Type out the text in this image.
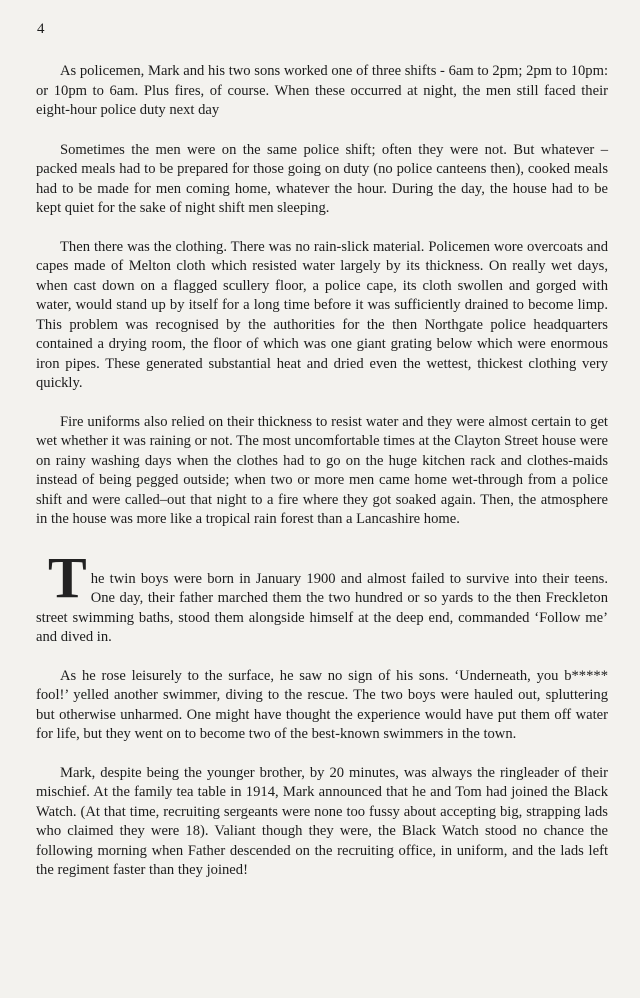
4

As policemen, Mark and his two sons worked one of three shifts - 6am to 2pm; 2pm to 10pm: or 10pm to 6am. Plus fires, of course. When these occurred at night, the men still faced their eight-hour police duty next day

Sometimes the men were on the same police shift; often they were not. But whatever – packed meals had to be prepared for those going on duty (no police canteens then), cooked meals had to be made for men coming home, whatever the hour. During the day, the house had to be kept quiet for the sake of night shift men sleeping.

Then there was the clothing. There was no rain-slick material. Policemen wore overcoats and capes made of Melton cloth which resisted water largely by its thickness. On really wet days, when cast down on a flagged scullery floor, a police cape, its cloth swollen and gorged with water, would stand up by itself for a long time before it was sufficiently drained to become limp. This problem was recognised by the authorities for the then Northgate police headquarters contained a drying room, the floor of which was one giant grating below which were enormous iron pipes. These generated substantial heat and dried even the wettest, thickest clothing very quickly.

Fire uniforms also relied on their thickness to resist water and they were almost certain to get wet whether it was raining or not. The most uncomfortable times at the Clayton Street house were on rainy washing days when the clothes had to go on the huge kitchen rack and clothes-maids instead of being pegged outside; when two or more men came home wet-through from a police shift and were called–out that night to a fire where they got soaked again. Then, the atmosphere in the house was more like a tropical rain forest than a Lancashire home.

T he twin boys were born in January 1900 and almost failed to survive into their teens. One day, their father marched them the two hundred or so yards to the then Freckleton street swimming baths, stood them alongside himself at the deep end, commanded ‘Follow me’ and dived in.

As he rose leisurely to the surface, he saw no sign of his sons. ‘Underneath, you b***** fool!’ yelled another swimmer, diving to the rescue. The two boys were hauled out, spluttering but otherwise unharmed. One might have thought the experience would have put them off water for life, but they went on to become two of the best-known swimmers in the town.

Mark, despite being the younger brother, by 20 minutes, was always the ringleader of their mischief. At the family tea table in 1914, Mark announced that he and Tom had joined the Black Watch. (At that time, recruiting sergeants were none too fussy about accepting big, strapping lads who claimed they were 18). Valiant though they were, the Black Watch stood no chance the following morning when Father descended on the recruiting office, in uniform, and the lads left the regiment faster than they joined!
